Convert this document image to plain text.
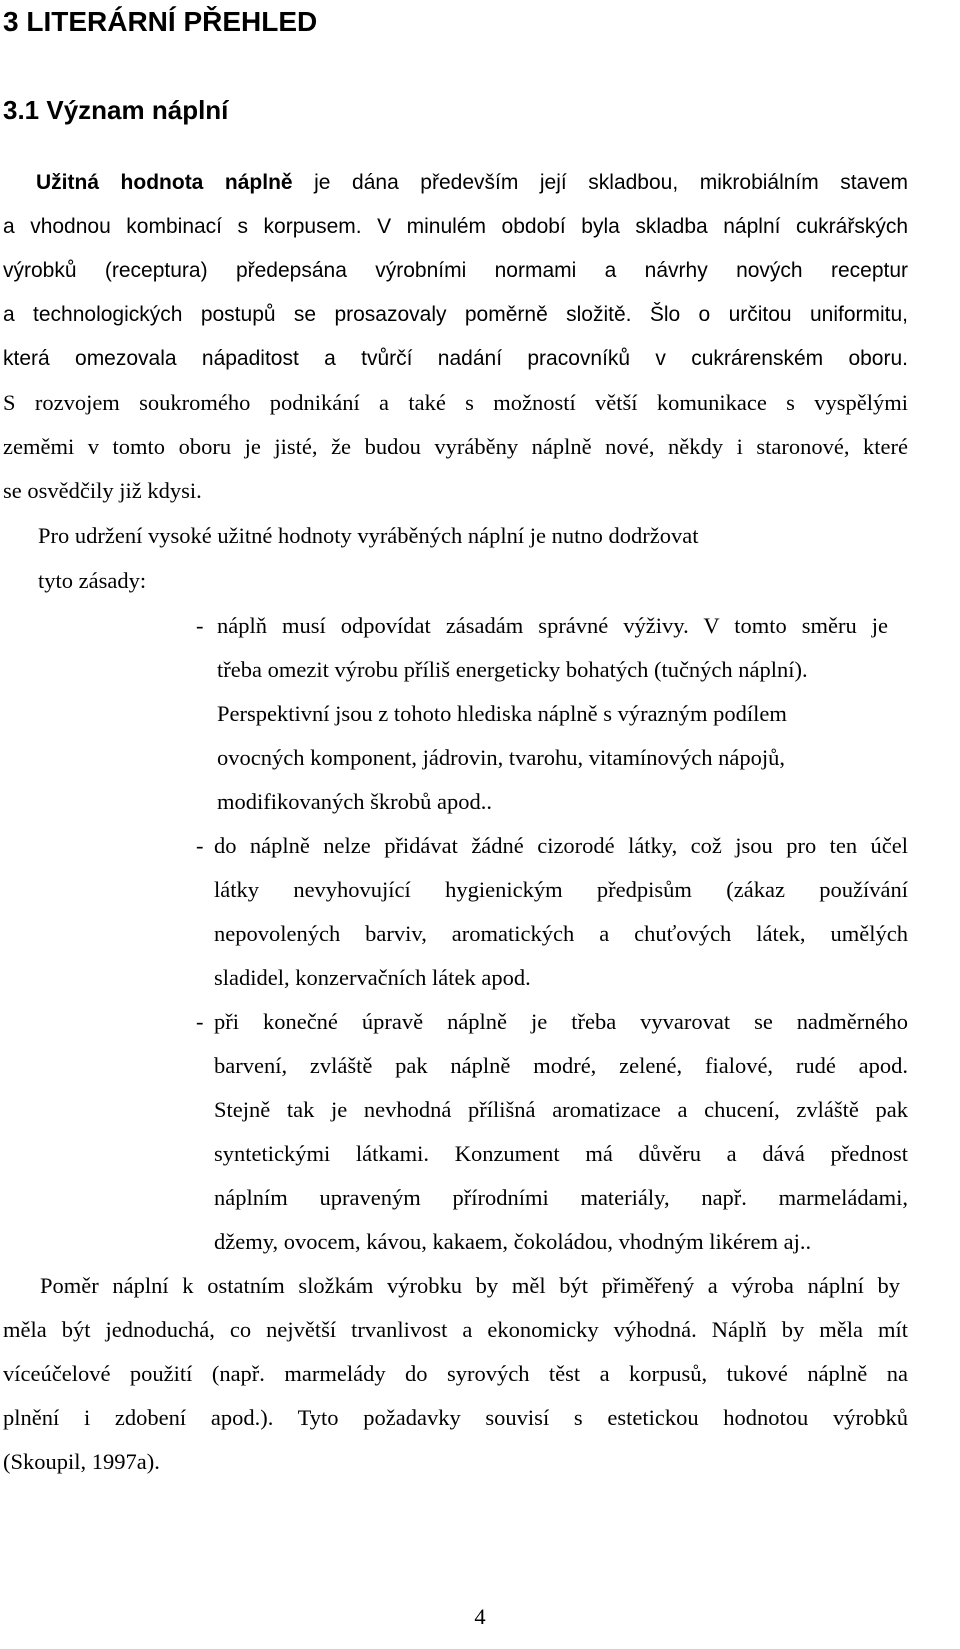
3 LITERÁRNÍ PŘEHLED
3.1 Význam náplní
Užitná hodnota náplně je dána především její skladbou, mikrobiálním stavem
a vhodnou kombinací s korpusem. V minulém období byla skladba náplní cukrářských
výrobků (receptura) předepsána výrobními normami a návrhy nových receptur
a technologických postupů se prosazovaly poměrně složitě. Šlo o určitou uniformitu,
která omezovala nápaditost a tvůrčí nadání pracovníků v cukrárenském oboru.
S rozvojem soukromého podnikání a také s možností větší komunikace s vyspělými
zeměmi v tomto oboru je jisté, že budou vyráběny náplně nové, někdy i staronové, které
se osvědčily již kdysi.
Pro udržení vysoké užitné hodnoty vyráběných náplní je nutno dodržovat
tyto zásady:
- náplň musí odpovídat zásadám správné výživy. V tomto směru je
třeba omezit výrobu příliš energeticky bohatých (tučných náplní).
Perspektivní jsou z tohoto hlediska náplně s výrazným podílem
ovocných komponent, jádrovin, tvarohu, vitamínových nápojů,
modifikovaných škrobů apod..
- do náplně nelze přidávat žádné cizorodé látky, což jsou pro ten účel
látky nevyhovující hygienickým předpisům (zákaz používání
nepovolených barviv, aromatických a chuťových látek, umělých
sladidel, konzervačních látek apod.
- při konečné úpravě náplně je třeba vyvarovat se nadměrného
barvení, zvláště pak náplně modré, zelené, fialové, rudé apod.
Stejně tak je nevhodná přílišná aromatizace a chucení, zvláště pak
syntetickými látkami. Konzument má důvěru a dává přednost
náplním upraveným přírodními materiály, např. marmeládami,
džemy, ovocem, kávou, kakaem, čokoládou, vhodným likérem aj..
Poměr náplní k ostatním složkám výrobku by měl být přiměřený a výroba náplní by
měla být jednoduchá, co největší trvanlivost a ekonomicky výhodná. Náplň by měla mít
víceúčelové použití (např. marmelády do syrových těst a korpusů, tukové náplně na
plnění i zdobení apod.). Tyto požadavky souvisí s estetickou hodnotou výrobků
(Skoupil, 1997a).
4
